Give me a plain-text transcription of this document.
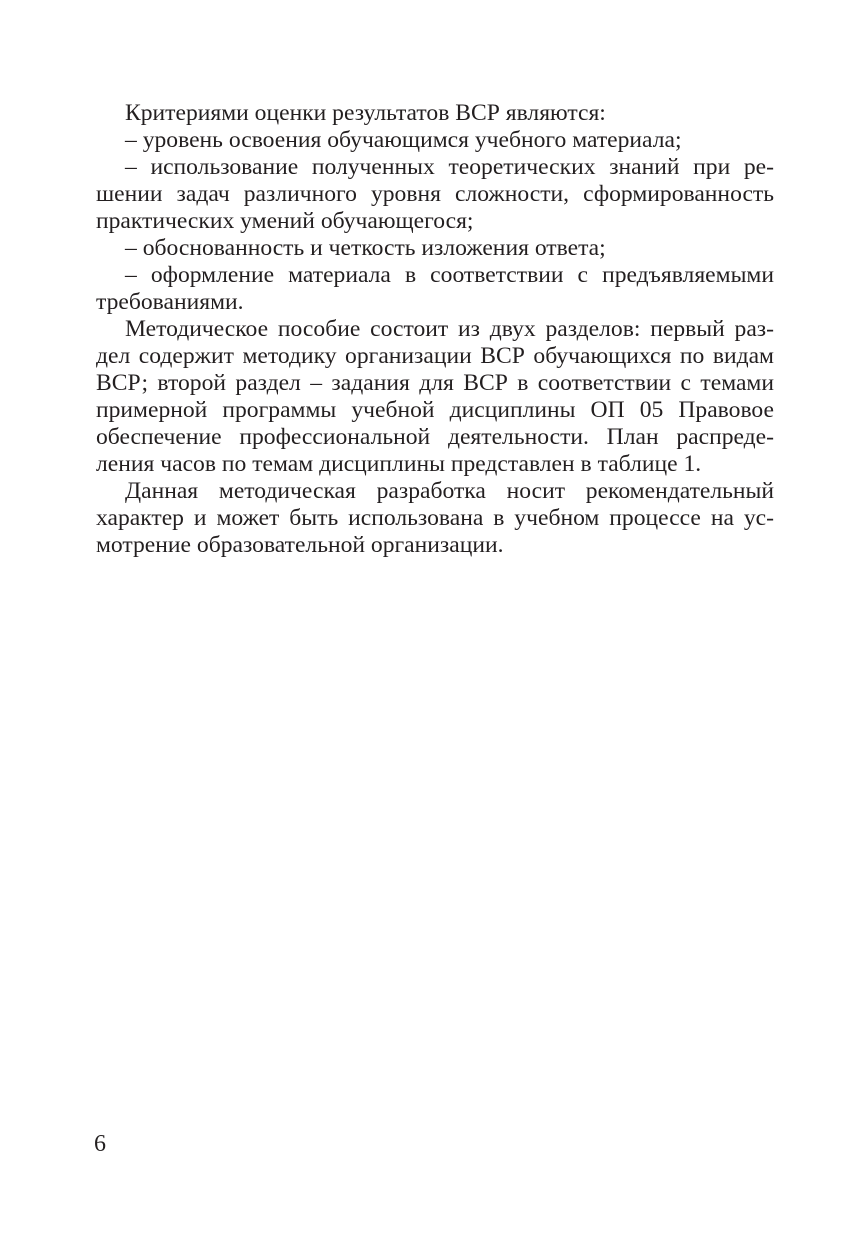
Критериями оценки результатов ВСР являются:

– уровень освоения обучающимся учебного материала;

– использование полученных теоретических знаний при ре-
шении задач различного уровня сложности, сформированность
практических умений обучающегося;
– обоснованность и четкость изложения ответа;
– оформление материала в соответствии с предъявляемыми
требованиями.
Методическое пособие состоит из двух разделов: первый раз-
дел содержит методику организации ВСР обучающихся по видам
ВСР; второй раздел – задания для ВСР в соответствии с темами
примерной программы учебной дисциплины ОП 05 Правовое
обеспечение профессиональной деятельности. План распреде-
ления часов по темам дисциплины представлен в таблице 1.
Данная методическая разработка носит рекомендательный
характер и может быть использована в учебном процессе на ус-
мотрение образовательной организации.
6
